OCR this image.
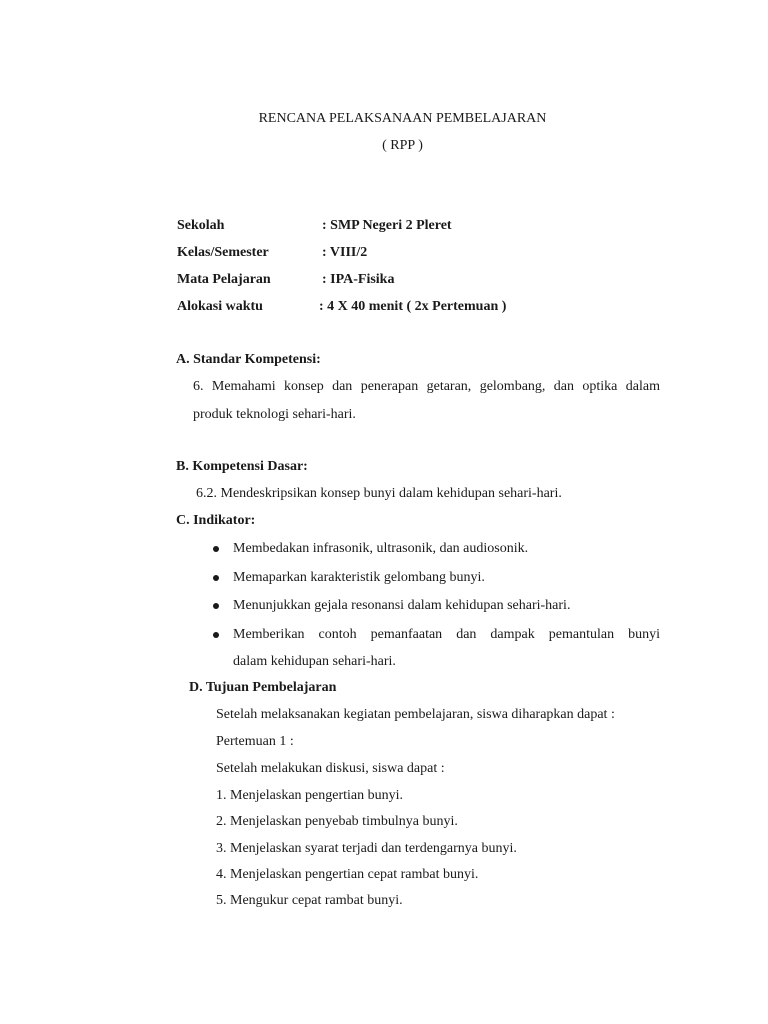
RENCANA PELAKSANAAN PEMBELAJARAN
( RPP )
Sekolah	: SMP Negeri 2 Pleret
Kelas/Semester	: VIII/2
Mata Pelajaran	: IPA-Fisika
Alokasi waktu	: 4 X 40 menit ( 2x Pertemuan )
A. Standar Kompetensi:
6. Memahami konsep dan penerapan getaran, gelombang, dan optika dalam
produk teknologi sehari-hari.
B. Kompetensi Dasar:
6.2. Mendeskripsikan konsep bunyi dalam kehidupan sehari-hari.
C. Indikator:
Membedakan infrasonik, ultrasonik, dan audiosonik.
Memaparkan karakteristik gelombang bunyi.
Menunjukkan gejala resonansi dalam kehidupan sehari-hari.
Memberikan contoh pemanfaatan dan dampak pemantulan bunyi
dalam kehidupan sehari-hari.
D. Tujuan Pembelajaran
Setelah melaksanakan kegiatan pembelajaran, siswa diharapkan dapat :
Pertemuan 1 :
Setelah melakukan diskusi, siswa dapat :
1. Menjelaskan pengertian bunyi.
2. Menjelaskan penyebab timbulnya bunyi.
3. Menjelaskan syarat terjadi dan terdengarnya bunyi.
4. Menjelaskan pengertian cepat rambat bunyi.
5. Mengukur cepat rambat bunyi.
